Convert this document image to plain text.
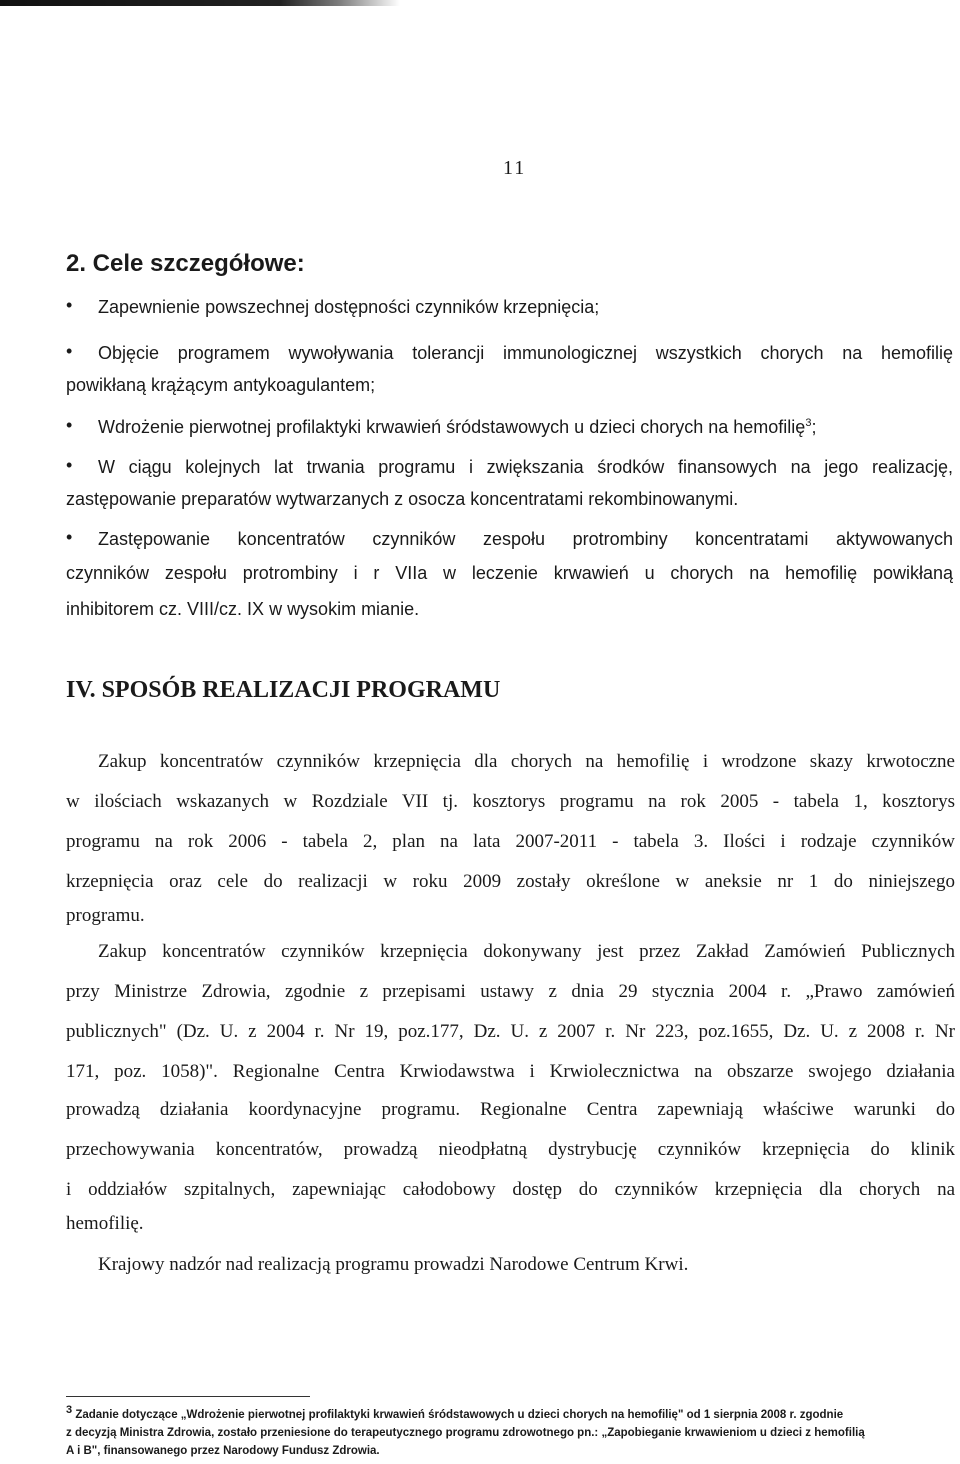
11
2. Cele szczegółowe:
• Zapewnienie powszechnej dostępności czynników krzepnięcia;
• Objęcie programem wywoływania tolerancji immunologicznej wszystkich chorych na hemofilię
powikłaną krążącym antykoagulantem;
• Wdrożenie pierwotnej profilaktyki krwawień śródstawowych u dzieci chorych na hemofilię$^3$;
• W ciągu kolejnych lat trwania programu i zwiększania środków finansowych na jego realizację,
zastępowanie preparatów wytwarzanych z osocza koncentratami rekombinowanymi.
• Zastępowanie koncentratów czynników zespołu protrombiny koncentratami aktywowanych
czynników zespołu protrombiny i r VIIa w leczenie krwawień u chorych na hemofilię powikłaną
inhibitorem cz. VIII/cz. IX w wysokim mianie.
IV. SPOSÓB REALIZACJI PROGRAMU
Zakup koncentratów czynników krzepnięcia dla chorych na hemofilię i wrodzone skazy krwotoczne
w ilościach wskazanych w Rozdziale VII tj. kosztorys programu na rok 2005 - tabela 1, kosztorys
programu na rok 2006 - tabela 2, plan na lata 2007-2011 - tabela 3. Ilości i rodzaje czynników
krzepnięcia oraz cele do realizacji w roku 2009 zostały określone w aneksie nr 1 do niniejszego
programu.
Zakup koncentratów czynników krzepnięcia dokonywany jest przez Zakład Zamówień Publicznych
przy Ministrze Zdrowia, zgodnie z przepisami ustawy z dnia 29 stycznia 2004 r. „Prawo zamówień
publicznych" (Dz. U. z 2004 r. Nr 19, poz.177, Dz. U. z 2007 r. Nr 223, poz.1655, Dz. U. z 2008 r. Nr
171, poz. 1058)". Regionalne Centra Krwiodawstwa i Krwiolecznictwa na obszarze swojego działania
prowadzą działania koordynacyjne programu. Regionalne Centra zapewniają właściwe warunki do
przechowywania koncentratów, prowadzą nieodpłatną dystrybucję czynników krzepnięcia do klinik
i oddziałów szpitalnych, zapewniając całodobowy dostęp do czynników krzepnięcia dla chorych na
hemofilię.
Krajowy nadzór nad realizacją programu prowadzi Narodowe Centrum Krwi.
$^3$ Zadanie dotyczące „Wdrożenie pierwotnej profilaktyki krwawień śródstawowych u dzieci chorych na hemofilię" od 1 sierpnia 2008 r. zgodnie
z decyzją Ministra Zdrowia, zostało przeniesione do terapeutycznego programu zdrowotnego pn.: „Zapobieganie krwawieniom u dzieci z hemofilią
A i B", finansowanego przez Narodowy Fundusz Zdrowia.
